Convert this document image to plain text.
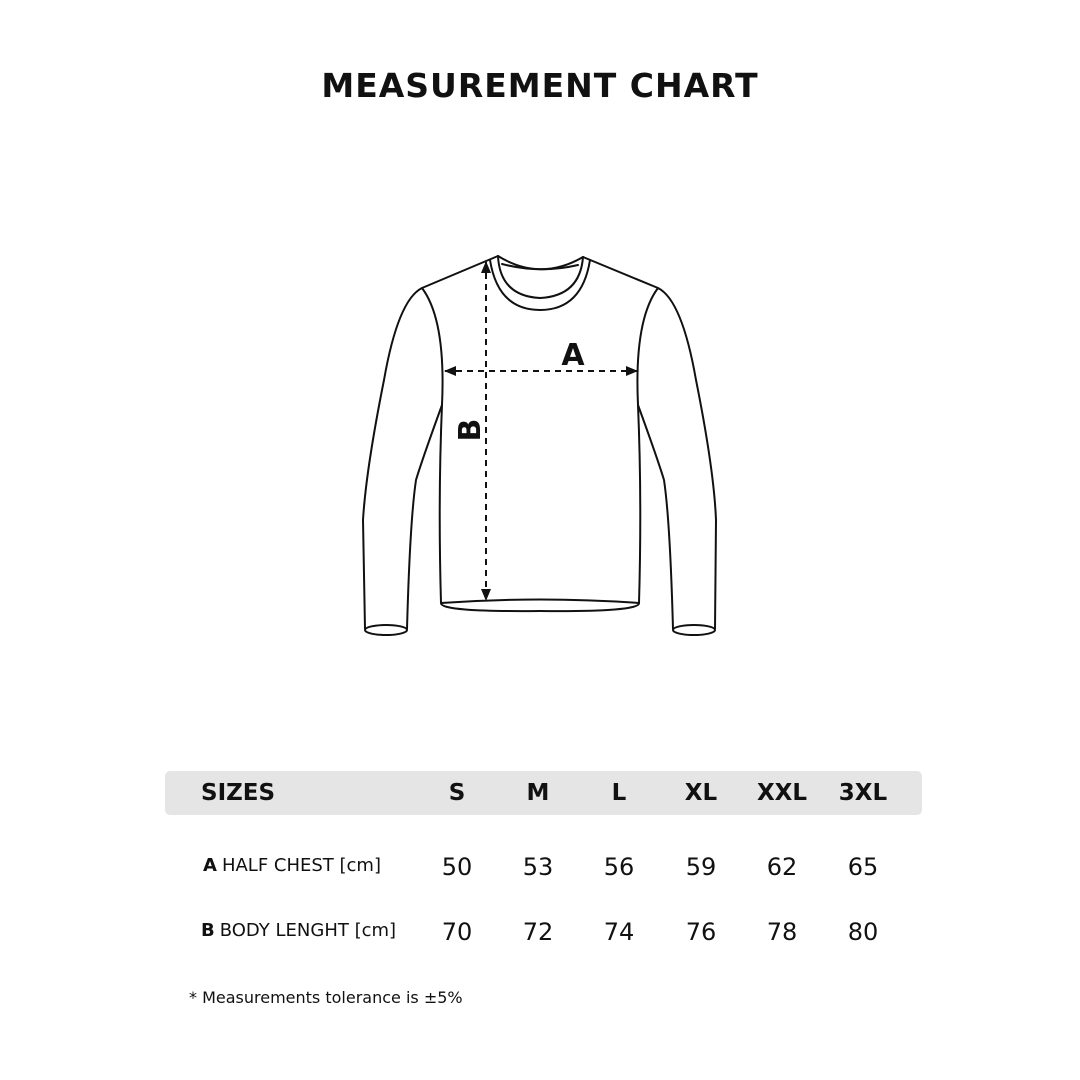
MEASUREMENT CHART
A
B
SIZES	S	M	L	XL	XXL	3XL
A HALF CHEST [cm]	50	53	56	59	62	65
B BODY LENGHT [cm]	70	72	74	76	78	80
* Measurements tolerance is ±5%
